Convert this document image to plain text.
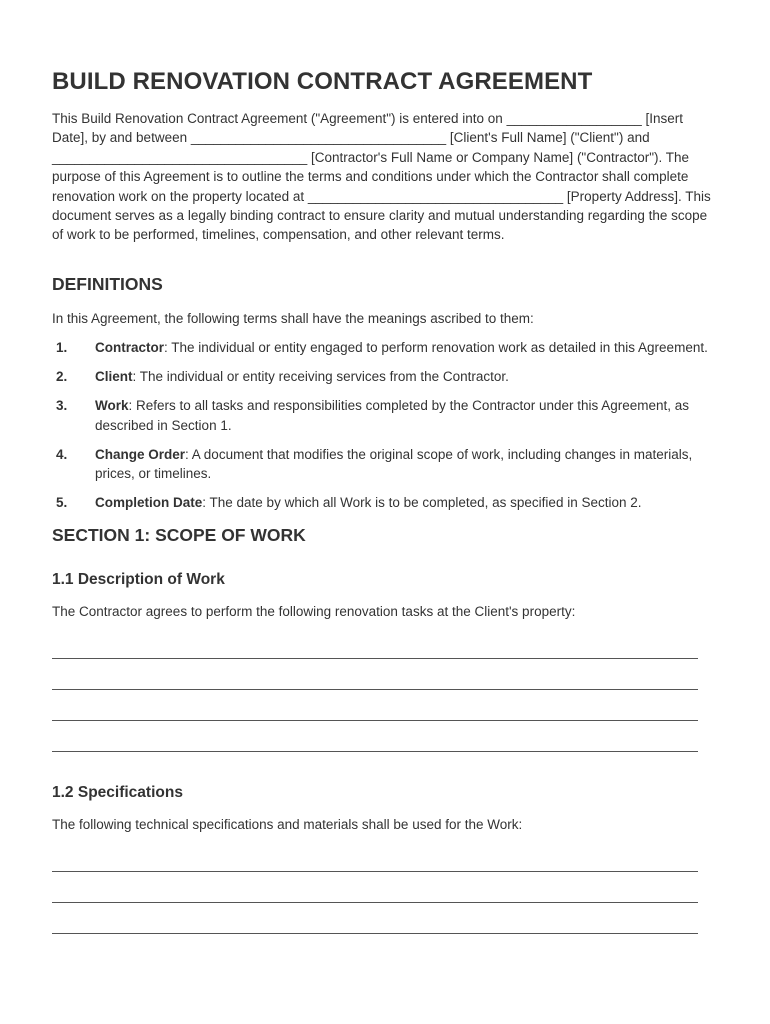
BUILD RENOVATION CONTRACT AGREEMENT

This Build Renovation Contract Agreement ("Agreement") is entered into on __________________ [Insert Date], by and between __________________________________ [Client's Full Name] ("Client") and __________________________________ [Contractor's Full Name or Company Name] ("Contractor"). The purpose of this Agreement is to outline the terms and conditions under which the Contractor shall complete renovation work on the property located at __________________________________ [Property Address]. This document serves as a legally binding contract to ensure clarity and mutual understanding regarding the scope of work to be performed, timelines, compensation, and other relevant terms.

DEFINITIONS

In this Agreement, the following terms shall have the meanings ascribed to them:

1.	Contractor: The individual or entity engaged to perform renovation work as detailed in this Agreement.
2.	Client: The individual or entity receiving services from the Contractor.
3.	Work: Refers to all tasks and responsibilities completed by the Contractor under this Agreement, as described in Section 1.
4.	Change Order: A document that modifies the original scope of work, including changes in materials, prices, or timelines.
5.	Completion Date: The date by which all Work is to be completed, as specified in Section 2.
SECTION 1: SCOPE OF WORK
1.1 Description of Work

The Contractor agrees to perform the following renovation tasks at the Client's property:

1.2 Specifications

The following technical specifications and materials shall be used for the Work:
